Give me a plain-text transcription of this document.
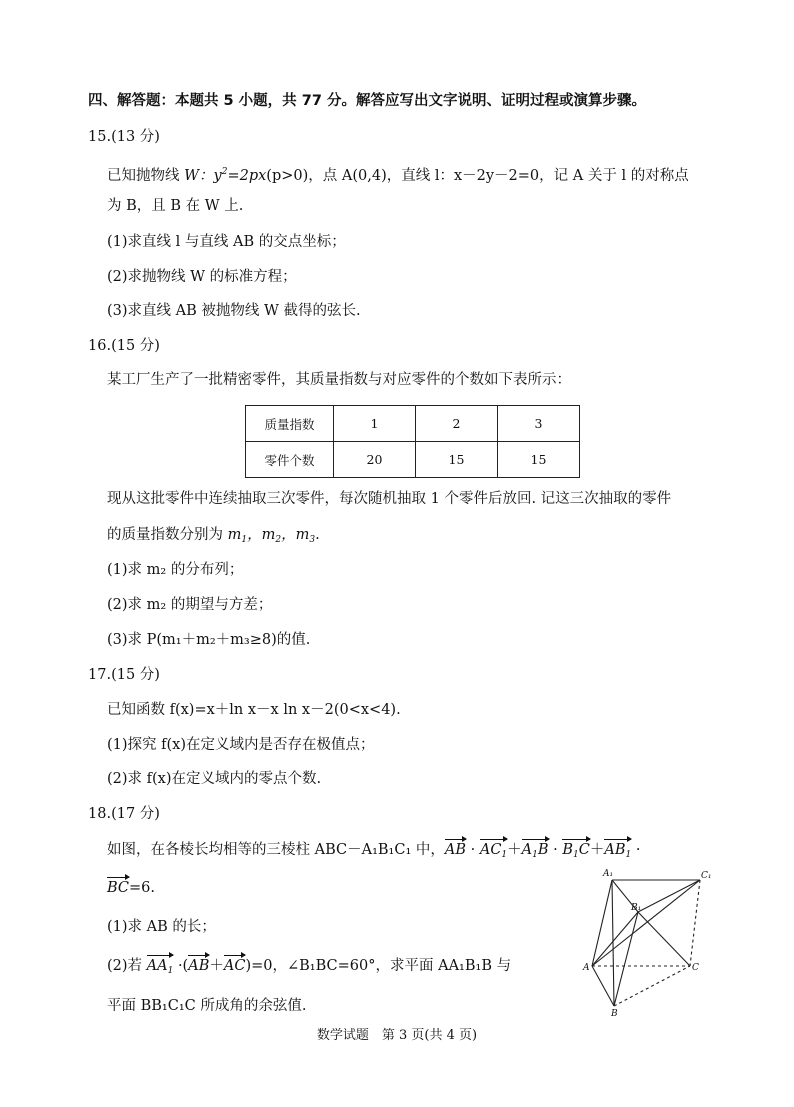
四、解答题：本题共 5 小题，共 77 分。解答应写出文字说明、证明过程或演算步骤。
15.(13 分)
已知抛物线 W：$y^2=2px(p>0)$，点 A(0,4)，直线 l：x－2y－2=0，记 A 关于 l 的对称点
为 B，且 B 在 W 上.
(1)求直线 l 与直线 AB 的交点坐标；
(2)求抛物线 W 的标准方程；
(3)求直线 AB 被抛物线 W 截得的弦长.
16.(15 分)
某工厂生产了一批精密零件，其质量指数与对应零件的个数如下表所示：
质量指数	1	2	3
零件个数	20	15	15
现从这批零件中连续抽取三次零件，每次随机抽取 1 个零件后放回. 记这三次抽取的零件
的质量指数分别为 $m_1$，$m_2$，$m_3$.
(1)求 m₂ 的分布列；
(2)求 m₂ 的期望与方差；
(3)求 P(m₁＋m₂＋m₃≥8)的值.
17.(15 分)
已知函数 f(x)=x＋ln x－x ln x－2(0<x<4).
(1)探究 f(x)在定义域内是否存在极值点；
(2)求 f(x)在定义域内的零点个数.
18.(17 分)
如图，在各棱长均相等的三棱柱 ABC－A₁B₁C₁ 中，AB · $AC_1+A_1B \cdot B_1C+AB_1$ ·
BC=6.
(1)求 AB 的长；
(2)若 $AA_1 \cdot(AB+AC)=0$，∠B₁BC=60°，求平面 AA₁B₁B 与
平面 BB₁C₁C 所成角的余弦值.
A₁	C₁
B₁
A	C
B
数学试题　第 3 页(共 4 页)
